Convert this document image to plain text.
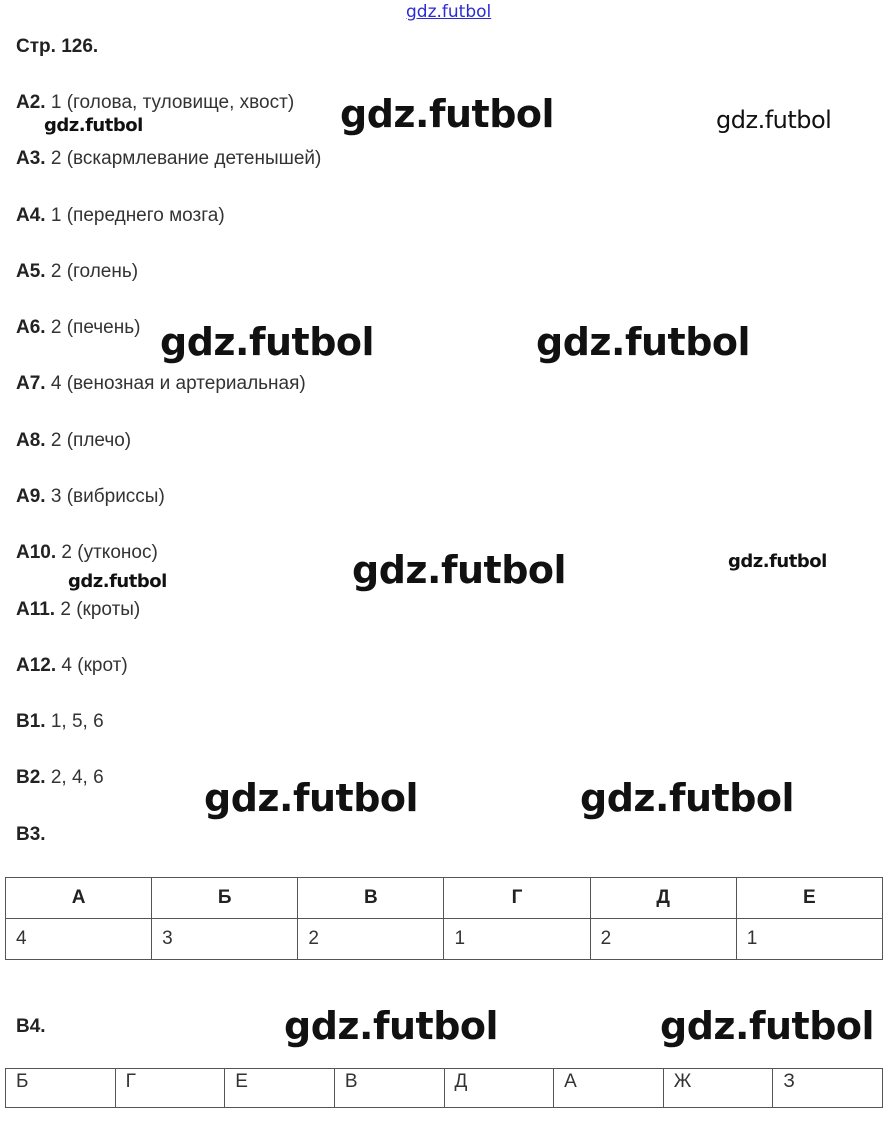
gdz.futbol
Стр. 126.
А2. 1 (голова, туловище, хвост)
А3. 2 (вскармлевание детенышей)
А4. 1 (переднего мозга)
А5. 2 (голень)
А6. 2 (печень)
А7. 4 (венозная и артериальная)
А8. 2 (плечо)
А9. 3 (вибриссы)
А10. 2 (утконос)
А11. 2 (кроты)
А12. 4 (крот)
В1. 1, 5, 6
В2. 2, 4, 6
В3.
А	Б	В	Г	Д	Е
4	3	2	1	2	1
В4.
Б	Г	Е	В	Д	А	Ж	З
gdz.futbol
gdz.futbol	gdz.futbol
gdz.futbol	gdz.futbol
gdz.futbol	gdz.futbol
gdz.futbol
gdz.futbol	gdz.futbol
gdz.futbol	gdz.futbol
